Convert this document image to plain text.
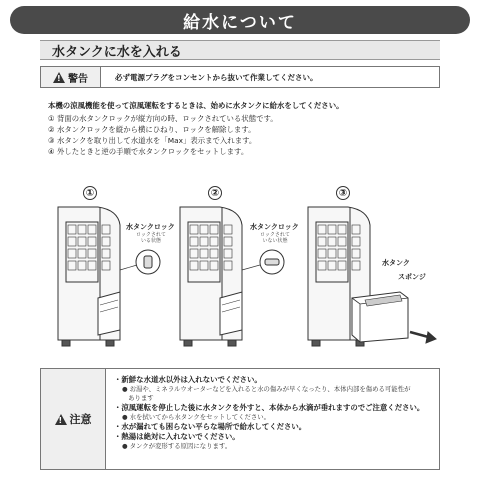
給水について
水タンクに水を入れる
! 警告	必ず電源プラグをコンセントから抜いて作業してください。
本機の涼風機能を使って涼風運転をするときは、始めに水タンクに給水をしてください。
① 背面の水タンクロックが縦方向の時、ロックされている状態です。
② 水タンクロックを縦から横にひねり、ロックを解除します。
③ 水タンクを取り出して水道水を「Max」表示まで入れます。
④ 外したときと逆の手順で水タンクロックをセットします。
①	②	③
水タンクロック
ロックされて
いる状態
水タンクロック
ロックされて
いない状態
水タンク
スポンジ
! 注意
・新鮮な水道水以外は入れないでください。
● お湯や、ミネラルウオーターなどを入れると水の傷みが早くなったり、本体内部を傷める可能性が
あります
・涼風運転を停止した後に水タンクを外すと、本体から水滴が垂れますのでご注意ください。
● 水を拭いてから水タンクをセットしてください。
・水が漏れても困らない平らな場所で給水してください。
・熱湯は絶対に入れないでください。
● タンクが変形する原因になります。
